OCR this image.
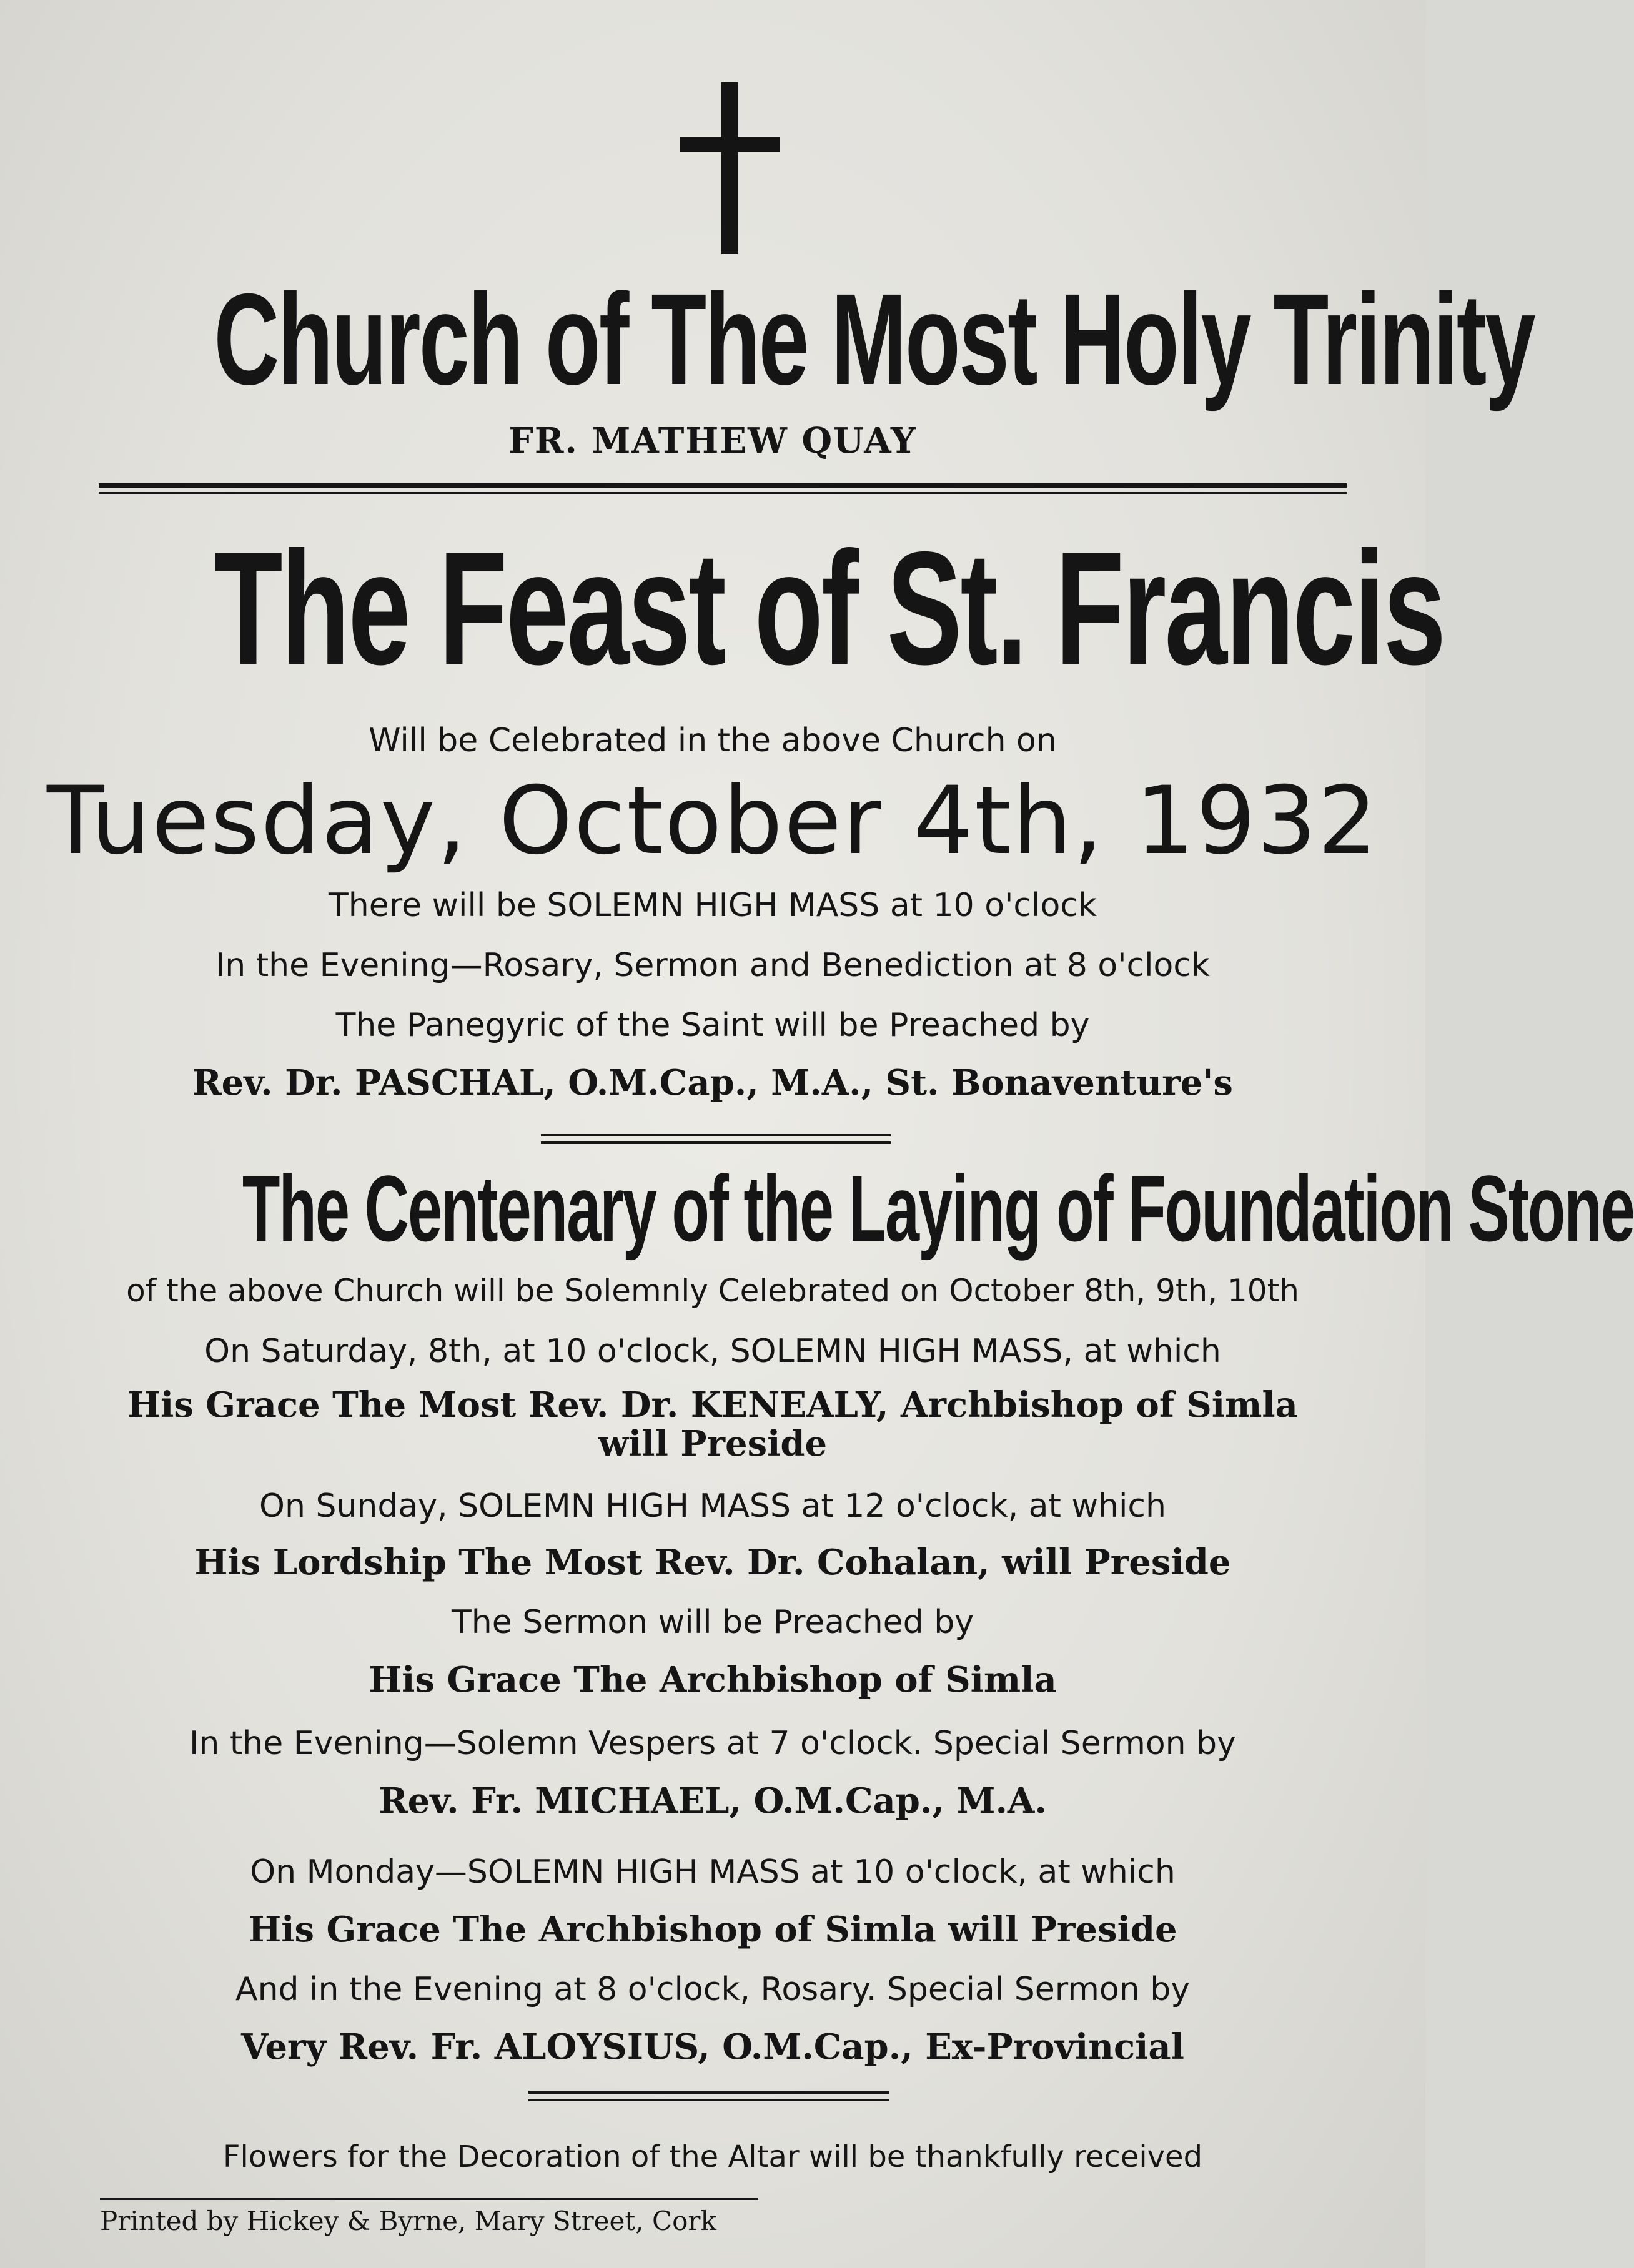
Church of The Most Holy Trinity
FR. MATHEW QUAY
The Feast of St. Francis
Will be Celebrated in the above Church on
Tuesday, October 4th, 1932
There will be SOLEMN HIGH MASS at 10 o'clock
In the Evening—Rosary, Sermon and Benediction at 8 o'clock
The Panegyric of the Saint will be Preached by
Rev. Dr. PASCHAL, O.M.Cap., M.A., St. Bonaventure's
The Centenary of the Laying of Foundation Stone
of the above Church will be Solemnly Celebrated on October 8th, 9th, 10th
On Saturday, 8th, at 10 o'clock, SOLEMN HIGH MASS, at which
His Grace The Most Rev. Dr. KENEALY, Archbishop of Simla
will Preside
On Sunday, SOLEMN HIGH MASS at 12 o'clock, at which
His Lordship The Most Rev. Dr. Cohalan, will Preside
The Sermon will be Preached by
His Grace The Archbishop of Simla
In the Evening—Solemn Vespers at 7 o'clock. Special Sermon by
Rev. Fr. MICHAEL, O.M.Cap., M.A.
On Monday—SOLEMN HIGH MASS at 10 o'clock, at which
His Grace The Archbishop of Simla will Preside
And in the Evening at 8 o'clock, Rosary. Special Sermon by
Very Rev. Fr. ALOYSIUS, O.M.Cap., Ex-Provincial
Flowers for the Decoration of the Altar will be thankfully received
Printed by Hickey & Byrne, Mary Street, Cork
